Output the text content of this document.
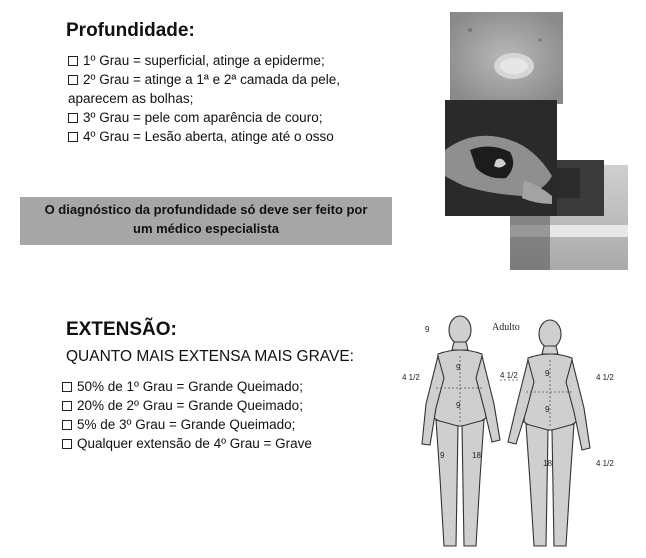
Profundidade:
1º Grau = superficial, atinge a epiderme;
2º Grau = atinge a 1ª e 2ª camada da pele,
aparecem as bolhas;
3º Grau = pele com aparência de couro;
4º Grau = Lesão aberta, atinge até o osso
O diagnóstico da profundidade só deve ser feito por
um médico especialista
EXTENSÃO:
QUANTO MAIS EXTENSA MAIS GRAVE:
50% de 1º Grau = Grande Queimado;
20% de 2º Grau = Grande Queimado;
5% de 3º Grau = Grande Queimado;
Qualquer extensão de 4º Grau = Grave
Adulto
9
9
4 1/2	4 1/2	4 1/2
9
9
9
9	18
4 1/2
18
